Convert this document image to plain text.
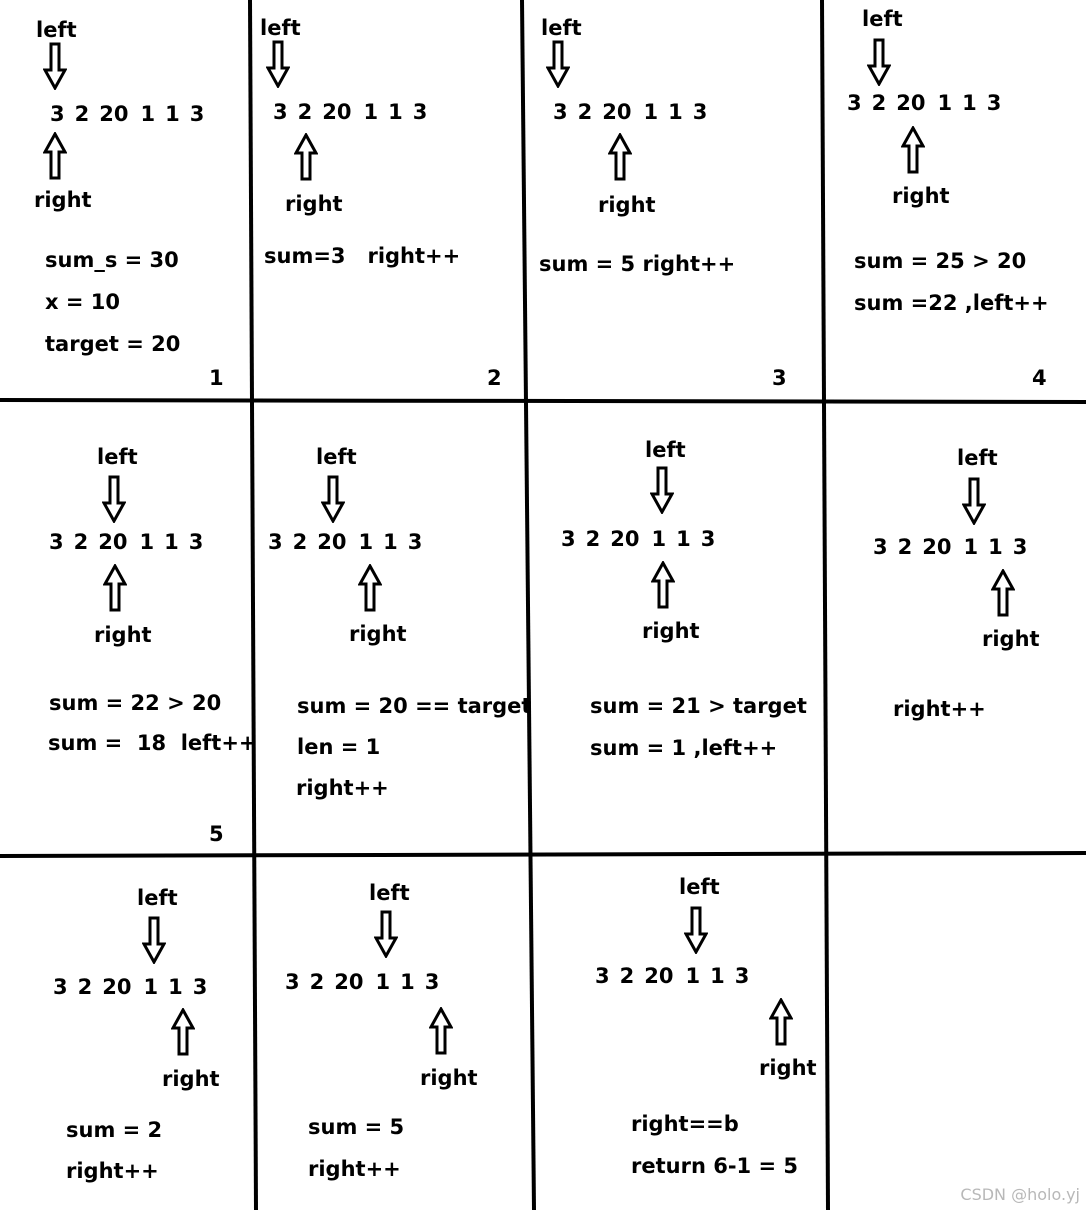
left
3 2 20 1 1 3
right
sum_s = 30
x = 10
target = 20
1
left
3 2 20 1 1 3
right
sum=3   right++
2
left
3 2 20 1 1 3
right
sum = 5 right++
3
left
3 2 20 1 1 3
right
sum = 25 > 20
sum =22 ,left++
4
left
3 2 20 1 1 3
right
sum = 22 > 20
sum =  18  left++
5
left
3 2 20 1 1 3
right
sum = 20 == target
len = 1
right++
left
3 2 20 1 1 3
right
sum = 21 > target
sum = 1 ,left++
left
3 2 20 1 1 3
right
right++
left
3 2 20 1 1 3
right
sum = 2
right++
left
3 2 20 1 1 3
right
sum = 5
right++
left
3 2 20 1 1 3
right
right==b
return 6-1 = 5
CSDN @holo.yj
